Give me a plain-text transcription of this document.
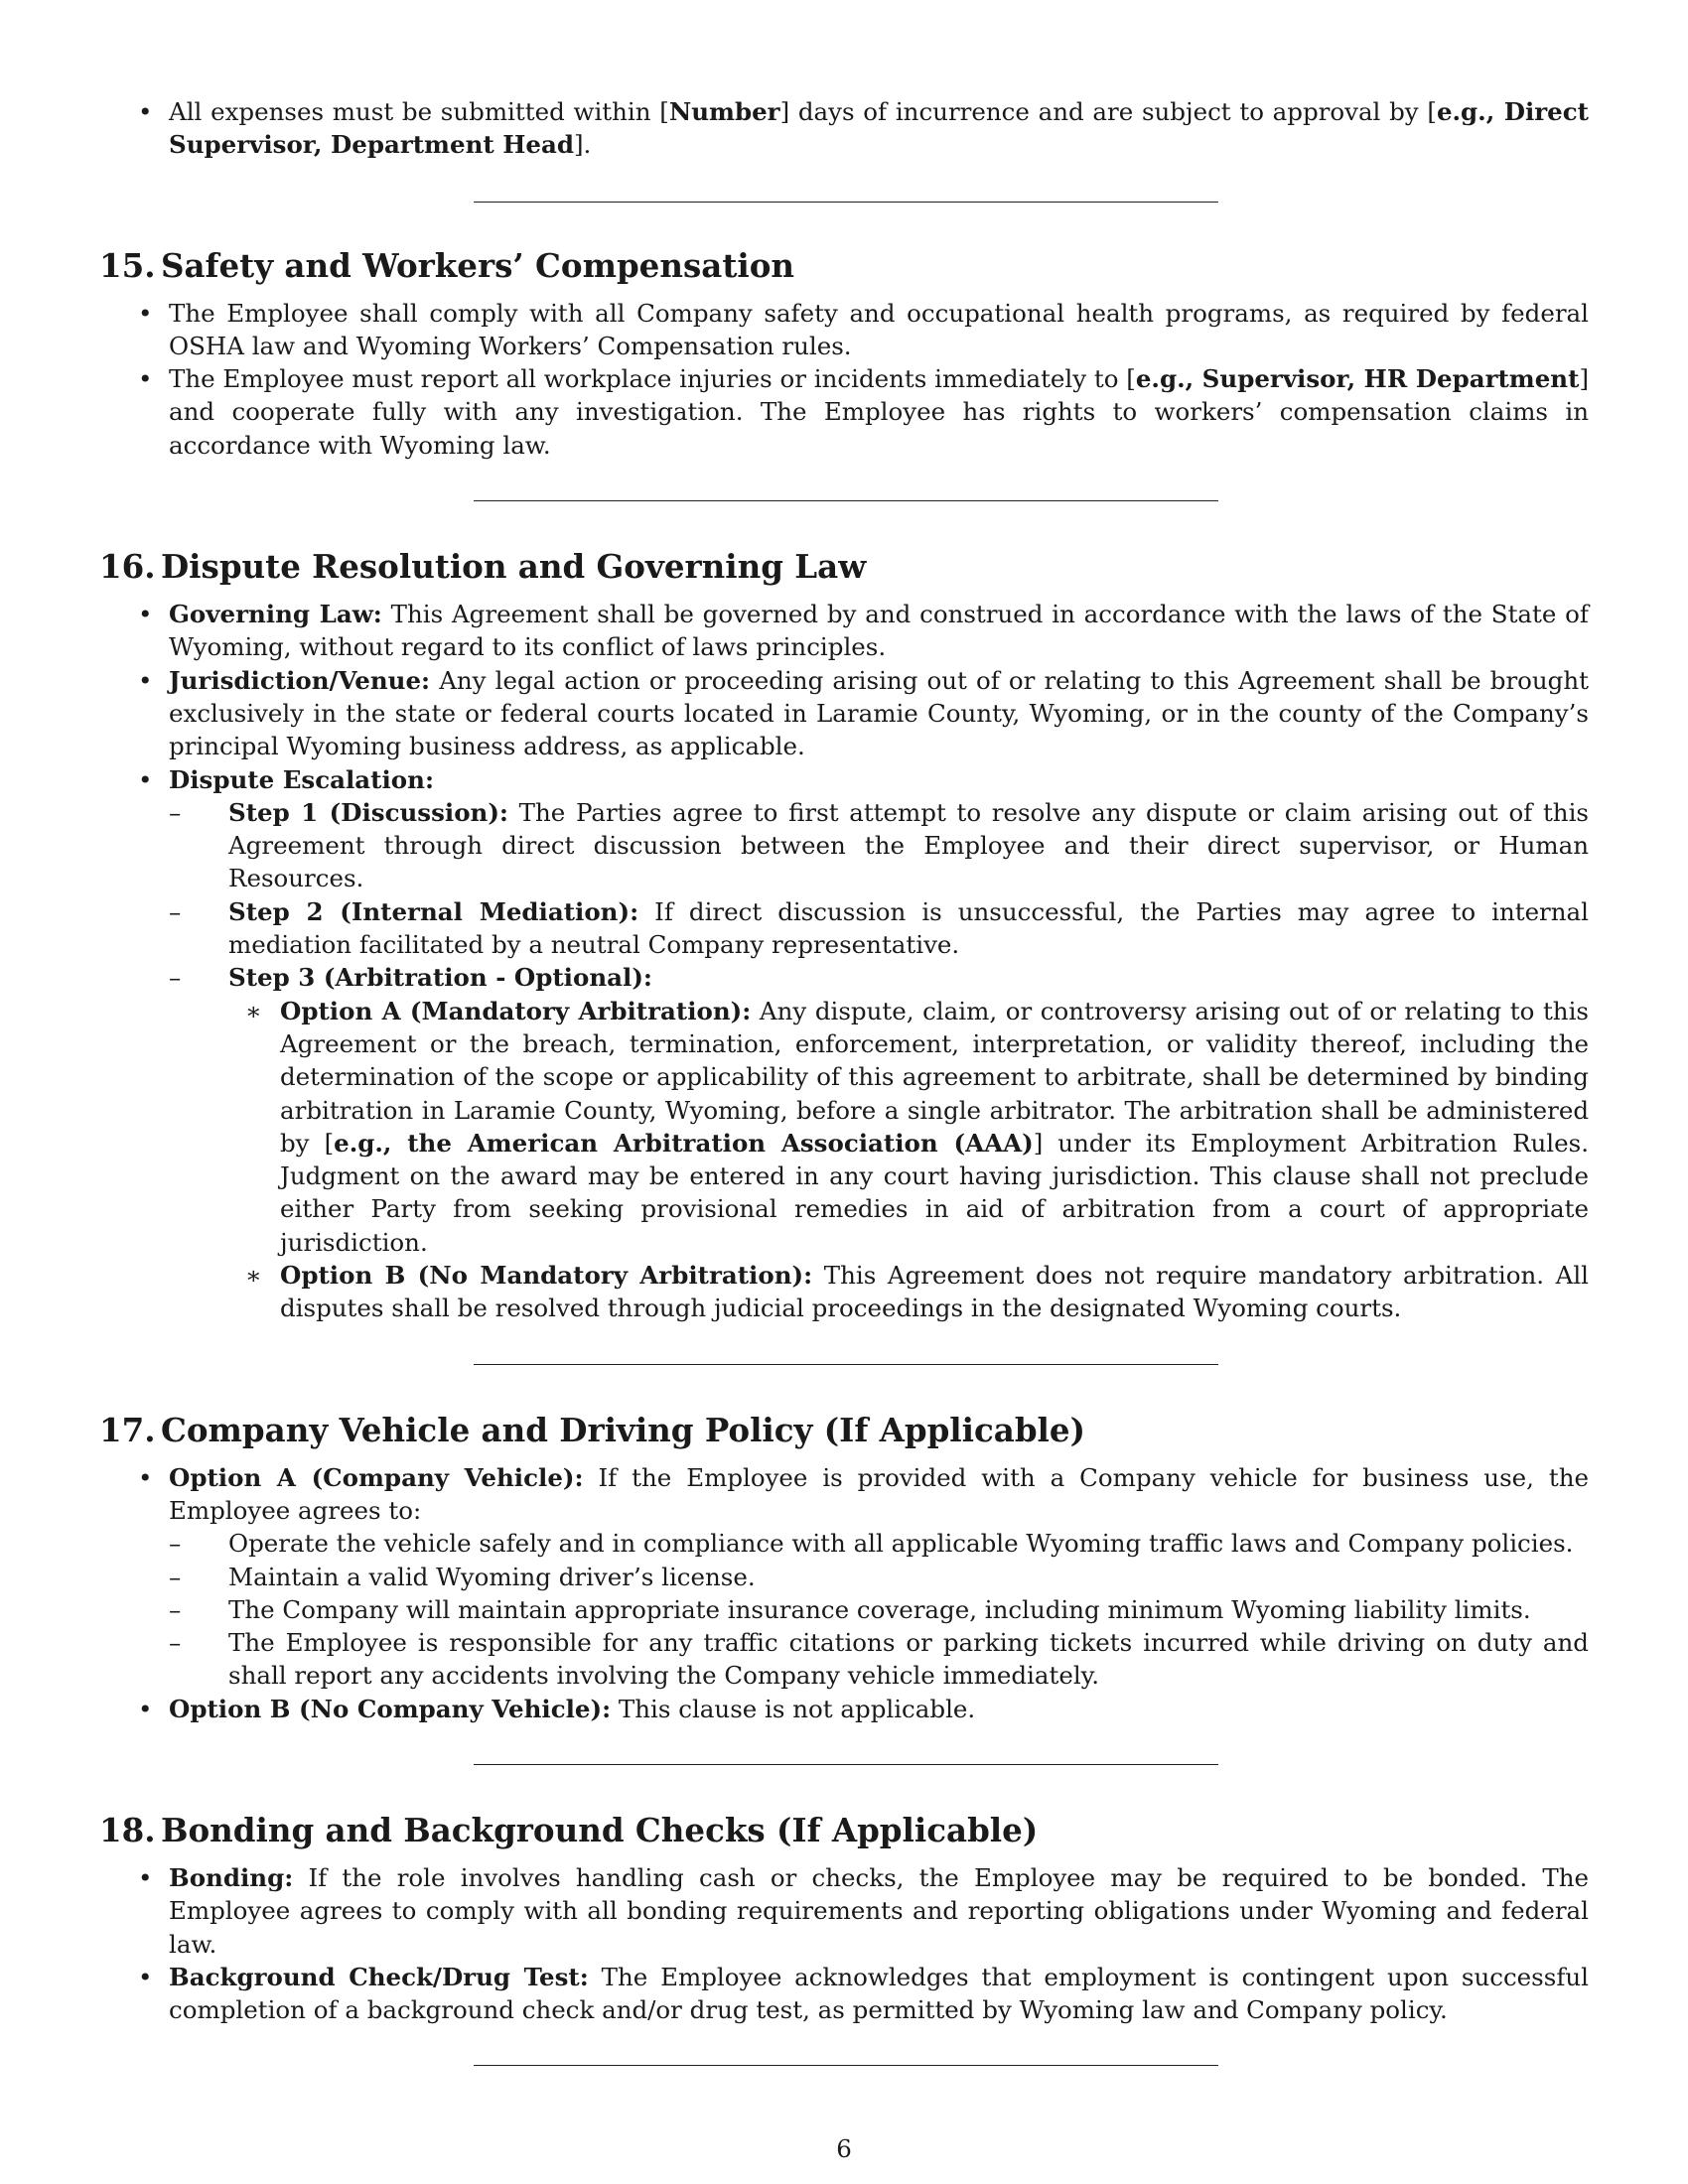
• All expenses must be submitted within [Number] days of incurrence and are subject to approval by [e.g., Direct Supervisor, Department Head].
15. Safety and Workers’ Compensation
• The Employee shall comply with all Company safety and occupational health programs, as required by federal OSHA law and Wyoming Workers’ Compensation rules.
• The Employee must report all workplace injuries or incidents immediately to [e.g., Supervisor, HR Department] and cooperate fully with any investigation. The Employee has rights to workers’ compensation claims in accordance with Wyoming law.
16. Dispute Resolution and Governing Law
• Governing Law: This Agreement shall be governed by and construed in accordance with the laws of the State of Wyoming, without regard to its conflict of laws principles.
• Jurisdiction/Venue: Any legal action or proceeding arising out of or relating to this Agreement shall be brought exclusively in the state or federal courts located in Laramie County, Wyoming, or in the county of the Company’s principal Wyoming business address, as applicable.
• Dispute Escalation:
– Step 1 (Discussion): The Parties agree to first attempt to resolve any dispute or claim arising out of this Agreement through direct discussion between the Employee and their direct supervisor, or Human Resources.
– Step 2 (Internal Mediation): If direct discussion is unsuccessful, the Parties may agree to internal mediation facilitated by a neutral Company representative.
– Step 3 (Arbitration - Optional):
∗ Option A (Mandatory Arbitration): Any dispute, claim, or controversy arising out of or relating to this Agreement or the breach, termination, enforcement, interpretation, or validity thereof, including the determination of the scope or applicability of this agreement to arbitrate, shall be determined by binding arbitration in Laramie County, Wyoming, before a single arbitrator. The arbitration shall be administered by [e.g., the American Arbitration Association (AAA)] under its Employment Arbitration Rules. Judgment on the award may be entered in any court having jurisdiction. This clause shall not preclude either Party from seeking provisional remedies in aid of arbitration from a court of appropriate jurisdiction.
∗ Option B (No Mandatory Arbitration): This Agreement does not require mandatory arbitration. All disputes shall be resolved through judicial proceedings in the designated Wyoming courts.
17. Company Vehicle and Driving Policy (If Applicable)
• Option A (Company Vehicle): If the Employee is provided with a Company vehicle for business use, the Employee agrees to:
– Operate the vehicle safely and in compliance with all applicable Wyoming traffic laws and Company policies.
– Maintain a valid Wyoming driver’s license.
– The Company will maintain appropriate insurance coverage, including minimum Wyoming liability limits.
– The Employee is responsible for any traffic citations or parking tickets incurred while driving on duty and shall report any accidents involving the Company vehicle immediately.
• Option B (No Company Vehicle): This clause is not applicable.
18. Bonding and Background Checks (If Applicable)
• Bonding: If the role involves handling cash or checks, the Employee may be required to be bonded. The Employee agrees to comply with all bonding requirements and reporting obligations under Wyoming and federal law.
• Background Check/Drug Test: The Employee acknowledges that employment is contingent upon successful completion of a background check and/or drug test, as permitted by Wyoming law and Company policy.
6
